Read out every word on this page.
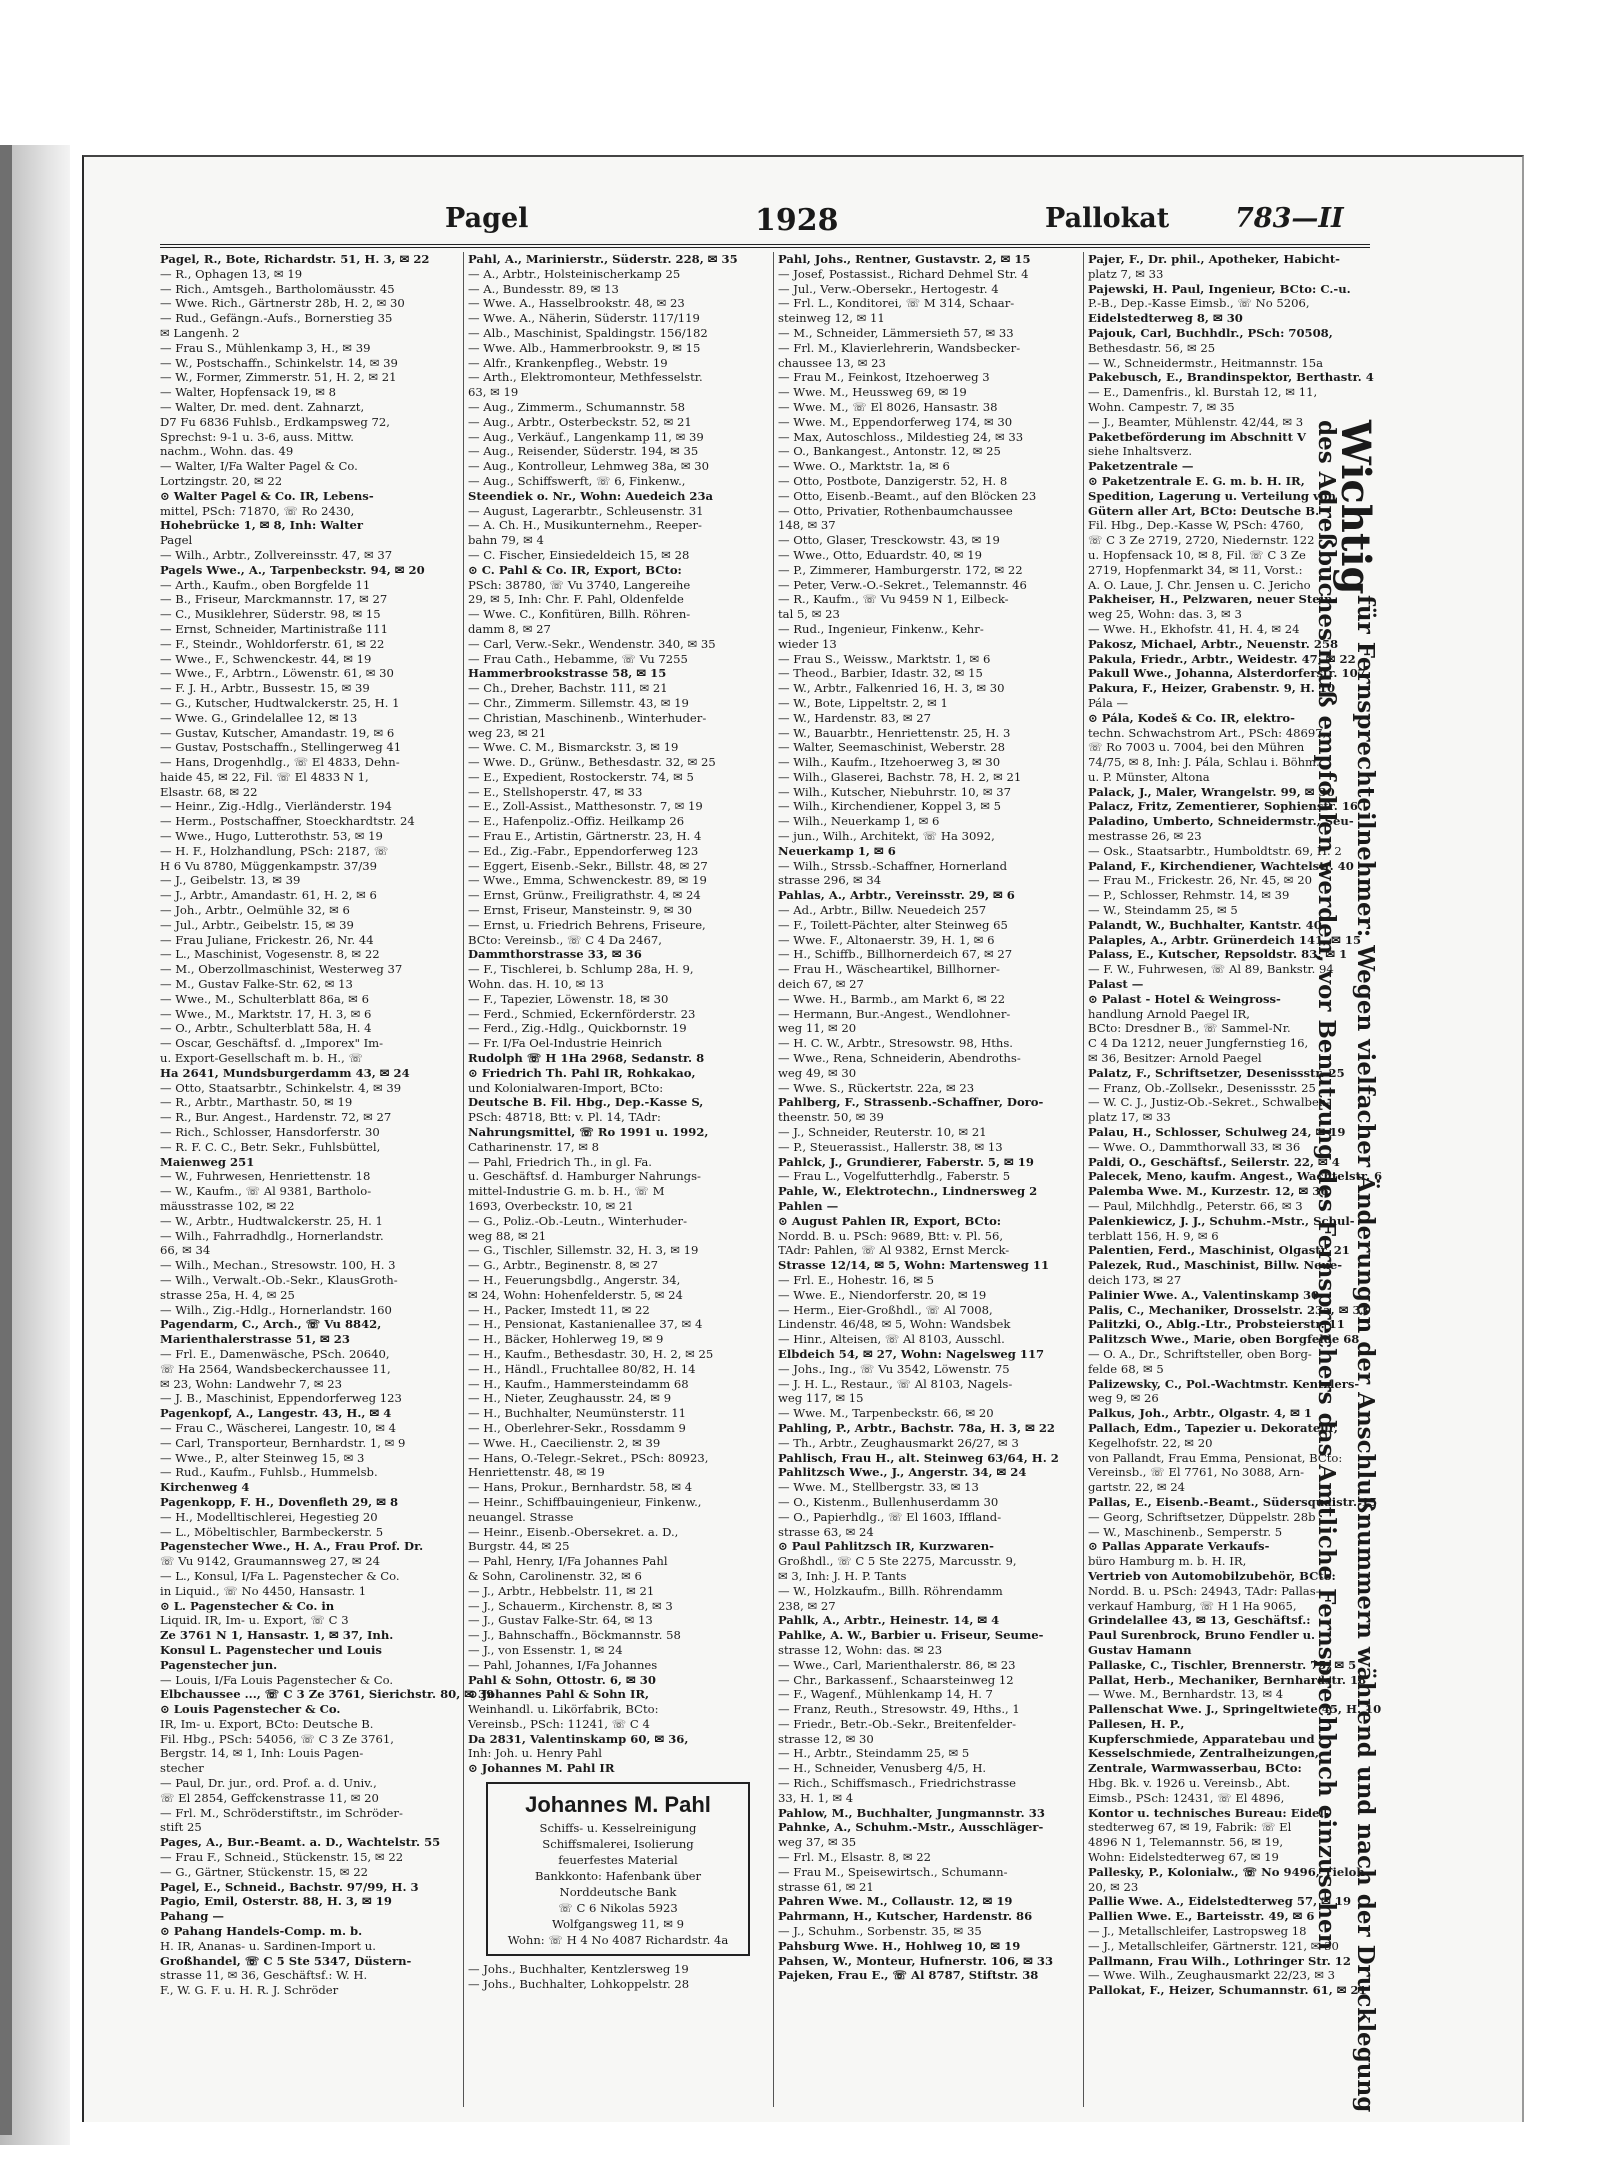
Pagel	1928	Pallokat 783—II
Pagel, R., Bote, Richardstr. 51, H. 3, ✉ 22
— R., Ophagen 13, ✉ 19
— Rich., Amtsgeh., Bartholomäusstr. 45
— Wwe. Rich., Gärtnerstr 28b, H. 2, ✉ 30
— Rud., Gefängn.-Aufs., Bornerstieg 35
✉ Langenh. 2
— Frau S., Mühlenkamp 3, H., ✉ 39
— W., Postschaffn., Schinkelstr. 14, ✉ 39
— W., Former, Zimmerstr. 51, H. 2, ✉ 21
— Walter, Hopfensack 19, ✉ 8
— Walter, Dr. med. dent. Zahnarzt,
D7 Fu 6836 Fuhlsb., Erdkampsweg 72,
Sprechst: 9-1 u. 3-6, auss. Mittw.
nachm., Wohn. das. 49
— Walter, I/Fa Walter Pagel & Co.
Lortzingstr. 20, ✉ 22
⊙ Walter Pagel & Co. IR, Lebens-
mittel, PSch: 71870, ☏ Ro 2430,
Hohebrücke 1, ✉ 8, Inh: Walter
Pagel
— Wilh., Arbtr., Zollvereinsstr. 47, ✉ 37
Pagels Wwe., A., Tarpenbeckstr. 94, ✉ 20
— Arth., Kaufm., oben Borgfelde 11
— B., Friseur, Marckmannstr. 17, ✉ 27
— C., Musiklehrer, Süderstr. 98, ✉ 15
— Ernst, Schneider, Martinistraße 111
— F., Steindr., Wohldorferstr. 61, ✉ 22
— Wwe., F., Schwenckestr. 44, ✉ 19
— Wwe., F., Arbtrn., Löwenstr. 61, ✉ 30
— F. J. H., Arbtr., Bussestr. 15, ✉ 39
— G., Kutscher, Hudtwalckerstr. 25, H. 1
— Wwe. G., Grindelallee 12, ✉ 13
— Gustav, Kutscher, Amandastr. 19, ✉ 6
— Gustav, Postschaffn., Stellingerweg 41
— Hans, Drogenhdlg., ☏ El 4833, Dehn-
haide 45, ✉ 22, Fil. ☏ El 4833 N 1,
Elsastr. 68, ✉ 22
— Heinr., Zig.-Hdlg., Vierländerstr. 194
— Herm., Postschaffner, Stoeckhardtstr. 24
— Wwe., Hugo, Lutterothstr. 53, ✉ 19
— H. F., Holzhandlung, PSch: 2187, ☏
H 6 Vu 8780, Müggenkampstr. 37/39
— J., Geibelstr. 13, ✉ 39
— J., Arbtr., Amandastr. 61, H. 2, ✉ 6
— Joh., Arbtr., Oelmühle 32, ✉ 6
— Jul., Arbtr., Geibelstr. 15, ✉ 39
— Frau Juliane, Frickestr. 26, Nr. 44
— L., Maschinist, Vogesenstr. 8, ✉ 22
— M., Oberzollmaschinist, Westerweg 37
— M., Gustav Falke-Str. 62, ✉ 13
— Wwe., M., Schulterblatt 86a, ✉ 6
— Wwe., M., Marktstr. 17, H. 3, ✉ 6
— O., Arbtr., Schulterblatt 58a, H. 4
— Oscar, Geschäftsf. d. „Imporex" Im-
u. Export-Gesellschaft m. b. H., ☏
Ha 2641, Mundsburgerdamm 43, ✉ 24
— Otto, Staatsarbtr., Schinkelstr. 4, ✉ 39
— R., Arbtr., Marthastr. 50, ✉ 19
— R., Bur. Angest., Hardenstr. 72, ✉ 27
— Rich., Schlosser, Hansdorferstr. 30
— R. F. C. C., Betr. Sekr., Fuhlsbüttel,
Maienweg 251
— W., Fuhrwesen, Henriettenstr. 18
— W., Kaufm., ☏ Al 9381, Bartholo-
mäusstrasse 102, ✉ 22
— W., Arbtr., Hudtwalckerstr. 25, H. 1
— Wilh., Fahrradhdlg., Hornerlandstr.
66, ✉ 34
— Wilh., Mechan., Stresowstr. 100, H. 3
— Wilh., Verwalt.-Ob.-Sekr., KlausGroth-
strasse 25a, H. 4, ✉ 25
— Wilh., Zig.-Hdlg., Hornerlandstr. 160
Pagendarm, C., Arch., ☏ Vu 8842,
Marienthalerstrasse 51, ✉ 23
— Frl. E., Damenwäsche, PSch. 20640,
☏ Ha 2564, Wandsbeckerchaussee 11,
✉ 23, Wohn: Landwehr 7, ✉ 23
— J. B., Maschinist, Eppendorferweg 123
Pagenkopf, A., Langestr. 43, H., ✉ 4
— Frau C., Wäscherei, Langestr. 10, ✉ 4
— Carl, Transporteur, Bernhardstr. 1, ✉ 9
— Wwe., P., alter Steinweg 15, ✉ 3
— Rud., Kaufm., Fuhlsb., Hummelsb.
Kirchenweg 4
Pagenkopp, F. H., Dovenfleth 29, ✉ 8
— H., Modelltischlerei, Hegestieg 20
— L., Möbeltischler, Barmbeckerstr. 5
Pagenstecher Wwe., H. A., Frau Prof. Dr.
☏ Vu 9142, Graumannsweg 27, ✉ 24
— L., Konsul, I/Fa L. Pagenstecher & Co.
in Liquid., ☏ No 4450, Hansastr. 1
⊙ L. Pagenstecher & Co. in
Liquid. IR, Im- u. Export, ☏ C 3
Ze 3761 N 1, Hansastr. 1, ✉ 37, Inh.
Konsul L. Pagenstecher und Louis
Pagenstecher jun.
— Louis, I/Fa Louis Pagenstecher & Co.
Elbchaussee ..., ☏ C 3 Ze 3761, Sierichstr. 80, ✉ 39
⊙ Louis Pagenstecher & Co.
IR, Im- u. Export, BCto: Deutsche B.
Fil. Hbg., PSch: 54056, ☏ C 3 Ze 3761,
Bergstr. 14, ✉ 1, Inh: Louis Pagen-
stecher
— Paul, Dr. jur., ord. Prof. a. d. Univ.,
☏ El 2854, Geffckenstrasse 11, ✉ 20
— Frl. M., Schröderstiftstr., im Schröder-
stift 25
Pages, A., Bur.-Beamt. a. D., Wachtelstr. 55
— Frau F., Schneid., Stückenstr. 15, ✉ 22
— G., Gärtner, Stückenstr. 15, ✉ 22
Pagel, E., Schneid., Bachstr. 97/99, H. 3
Pagio, Emil, Osterstr. 88, H. 3, ✉ 19
Pahang —
⊙ Pahang Handels-Comp. m. b.
H. IR, Ananas- u. Sardinen-Import u.
Großhandel, ☏ C 5 Ste 5347, Düstern-
strasse 11, ✉ 36, Geschäftsf.: W. H.
F., W. G. F. u. H. R. J. Schröder
Pahl, A., Marinierstr., Süderstr. 228, ✉ 35
— A., Arbtr., Holsteinischerkamp 25
— A., Bundesstr. 89, ✉ 13
— Wwe. A., Hasselbrookstr. 48, ✉ 23
— Wwe. A., Näherin, Süderstr. 117/119
— Alb., Maschinist, Spaldingstr. 156/182
— Wwe. Alb., Hammerbrookstr. 9, ✉ 15
— Alfr., Krankenpfleg., Webstr. 19
— Arth., Elektromonteur, Methfesselstr.
63, ✉ 19
— Aug., Zimmerm., Schumannstr. 58
— Aug., Arbtr., Osterbeckstr. 52, ✉ 21
— Aug., Verkäuf., Langenkamp 11, ✉ 39
— Aug., Reisender, Süderstr. 194, ✉ 35
— Aug., Kontrolleur, Lehmweg 38a, ✉ 30
— Aug., Schiffswerft, ☏ 6, Finkenw.,
Steendiek o. Nr., Wohn: Auedeich 23a
— August, Lagerarbtr., Schleusenstr. 31
— A. Ch. H., Musikunternehm., Reeper-
bahn 79, ✉ 4
— C. Fischer, Einsiedeldeich 15, ✉ 28
⊙ C. Pahl & Co. IR, Export, BCto:
PSch: 38780, ☏ Vu 3740, Langereihe
29, ✉ 5, Inh: Chr. F. Pahl, Oldenfelde
— Wwe. C., Konfitüren, Billh. Röhren-
damm 8, ✉ 27
— Carl, Verw.-Sekr., Wendenstr. 340, ✉ 35
— Frau Cath., Hebamme, ☏ Vu 7255
Hammerbrookstrasse 58, ✉ 15
— Ch., Dreher, Bachstr. 111, ✉ 21
— Chr., Zimmerm. Sillemstr. 43, ✉ 19
— Christian, Maschinenb., Winterhuder-
weg 23, ✉ 21
— Wwe. C. M., Bismarckstr. 3, ✉ 19
— Wwe. D., Grünw., Bethesdastr. 32, ✉ 25
— E., Expedient, Rostockerstr. 74, ✉ 5
— E., Stellshoperstr. 47, ✉ 33
— E., Zoll-Assist., Matthesonstr. 7, ✉ 19
— E., Hafenpoliz.-Offiz. Heilkamp 26
— Frau E., Artistin, Gärtnerstr. 23, H. 4
— Ed., Zig.-Fabr., Eppendorferweg 123
— Eggert, Eisenb.-Sekr., Billstr. 48, ✉ 27
— Wwe., Emma, Schwenckestr. 89, ✉ 19
— Ernst, Grünw., Freiligrathstr. 4, ✉ 24
— Ernst, Friseur, Mansteinstr. 9, ✉ 30
— Ernst, u. Friedrich Behrens, Friseure,
BCto: Vereinsb., ☏ C 4 Da 2467,
Dammthorstrasse 33, ✉ 36
— F., Tischlerei, b. Schlump 28a, H. 9,
Wohn. das. H. 10, ✉ 13
— F., Tapezier, Löwenstr. 18, ✉ 30
— Ferd., Schmied, Eckernförderstr. 23
— Ferd., Zig.-Hdlg., Quickbornstr. 19
— Fr. I/Fa Oel-Industrie Heinrich
Rudolph ☏ H 1Ha 2968, Sedanstr. 8
⊙ Friedrich Th. Pahl IR, Rohkakao,
und Kolonialwaren-Import, BCto:
Deutsche B. Fil. Hbg., Dep.-Kasse S,
PSch: 48718, Btt: v. Pl. 14, TAdr:
Nahrungsmittel, ☏ Ro 1991 u. 1992,
Catharinenstr. 17, ✉ 8
— Pahl, Friedrich Th., in gl. Fa.
u. Geschäftsf. d. Hamburger Nahrungs-
mittel-Industrie G. m. b. H., ☏ M
1693, Overbeckstr. 10, ✉ 21
— G., Poliz.-Ob.-Leutn., Winterhuder-
weg 88, ✉ 21
— G., Tischler, Sillemstr. 32, H. 3, ✉ 19
— G., Arbtr., Beginenstr. 8, ✉ 27
— H., Feuerungsbdlg., Angerstr. 34,
✉ 24, Wohn: Hohenfelderstr. 5, ✉ 24
— H., Packer, Imstedt 11, ✉ 22
— H., Pensionat, Kastanienallee 37, ✉ 4
— H., Bäcker, Hohlerweg 19, ✉ 9
— H., Kaufm., Bethesdastr. 30, H. 2, ✉ 25
— H., Händl., Fruchtallee 80/82, H. 14
— H., Kaufm., Hammersteindamm 68
— H., Nieter, Zeughausstr. 24, ✉ 9
— H., Buchhalter, Neumünsterstr. 11
— H., Oberlehrer-Sekr., Rossdamm 9
— Wwe. H., Caecilienstr. 2, ✉ 39
— Hans, O.-Telegr.-Sekret., PSch: 80923,
Henriettenstr. 48, ✉ 19
— Hans, Prokur., Bernhardstr. 58, ✉ 4
— Heinr., Schiffbauingenieur, Finkenw.,
neuangel. Strasse
— Heinr., Eisenb.-Obersekret. a. D.,
Burgstr. 44, ✉ 25
— Pahl, Henry, I/Fa Johannes Pahl
& Sohn, Carolinenstr. 32, ✉ 6
— J., Arbtr., Hebbelstr. 11, ✉ 21
— J., Schauerm., Kirchenstr. 8, ✉ 3
— J., Gustav Falke-Str. 64, ✉ 13
— J., Bahnschaffn., Böckmannstr. 58
— J., von Essenstr. 1, ✉ 24
— Pahl, Johannes, I/Fa Johannes
Pahl & Sohn, Ottostr. 6, ✉ 30
⊙ Johannes Pahl & Sohn IR,
Weinhandl. u. Likörfabrik, BCto:
Vereinsb., PSch: 11241, ☏ C 4
Da 2831, Valentinskamp 60, ✉ 36,
Inh: Joh. u. Henry Pahl
⊙ Johannes M. Pahl IR
Johannes M. Pahl
Schiffs- u. Kesselreinigung
Schiffsmalerei, Isolierung
feuerfestes Material
Bankkonto: Hafenbank über
Norddeutsche Bank
☏ C 6 Nikolas 5923
Wolfgangsweg 11, ✉ 9
Wohn: ☏ H 4 No 4087 Richardstr. 4a
— Johs., Buchhalter, Kentzlersweg 19
— Johs., Buchhalter, Lohkoppelstr. 28
Pahl, Johs., Rentner, Gustavstr. 2, ✉ 15
— Josef, Postassist., Richard Dehmel Str. 4
— Jul., Verw.-Obersekr., Hertogestr. 4
— Frl. L., Konditorei, ☏ M 314, Schaar-
steinweg 12, ✉ 11
— M., Schneider, Lämmersieth 57, ✉ 33
— Frl. M., Klavierlehrerin, Wandsbecker-
chaussee 13, ✉ 23
— Frau M., Feinkost, Itzehoerweg 3
— Wwe. M., Heussweg 69, ✉ 19
— Wwe. M., ☏ El 8026, Hansastr. 38
— Wwe. M., Eppendorferweg 174, ✉ 30
— Max, Autoschloss., Mildestieg 24, ✉ 33
— O., Bankangest., Antonstr. 12, ✉ 25
— Wwe. O., Marktstr. 1a, ✉ 6
— Otto, Postbote, Danzigerstr. 52, H. 8
— Otto, Eisenb.-Beamt., auf den Blöcken 23
— Otto, Privatier, Rothenbaumchaussee
148, ✉ 37
— Otto, Glaser, Tresckowstr. 43, ✉ 19
— Wwe., Otto, Eduardstr. 40, ✉ 19
— P., Zimmerer, Hamburgerstr. 172, ✉ 22
— Peter, Verw.-O.-Sekret., Telemannstr. 46
— R., Kaufm., ☏ Vu 9459 N 1, Eilbeck-
tal 5, ✉ 23
— Rud., Ingenieur, Finkenw., Kehr-
wieder 13
— Frau S., Weissw., Marktstr. 1, ✉ 6
— Theod., Barbier, Idastr. 32, ✉ 15
— W., Arbtr., Falkenried 16, H. 3, ✉ 30
— W., Bote, Lippeltstr. 2, ✉ 1
— W., Hardenstr. 83, ✉ 27
— W., Bauarbtr., Henriettenstr. 25, H. 3
— Walter, Seemaschinist, Weberstr. 28
— Wilh., Kaufm., Itzehoerweg 3, ✉ 30
— Wilh., Glaserei, Bachstr. 78, H. 2, ✉ 21
— Wilh., Kutscher, Niebuhrstr. 10, ✉ 37
— Wilh., Kirchendiener, Koppel 3, ✉ 5
— Wilh., Neuerkamp 1, ✉ 6
— jun., Wilh., Architekt, ☏ Ha 3092,
Neuerkamp 1, ✉ 6
— Wilh., Strssb.-Schaffner, Hornerland
strasse 296, ✉ 34
Pahlas, A., Arbtr., Vereinsstr. 29, ✉ 6
— Ad., Arbtr., Billw. Neuedeich 257
— F., Toilett-Pächter, alter Steinweg 65
— Wwe. F., Altonaerstr. 39, H. 1, ✉ 6
— H., Schiffb., Billhornerdeich 67, ✉ 27
— Frau H., Wäscheartikel, Billhorner-
deich 67, ✉ 27
— Wwe. H., Barmb., am Markt 6, ✉ 22
— Hermann, Bur.-Angest., Wendlohner-
weg 11, ✉ 20
— H. C. W., Arbtr., Stresowstr. 98, Hths.
— Wwe., Rena, Schneiderin, Abendroths-
weg 49, ✉ 30
— Wwe. S., Rückertstr. 22a, ✉ 23
Pahlberg, F., Strassenb.-Schaffner, Doro-
theenstr. 50, ✉ 39
— J., Schneider, Reuterstr. 10, ✉ 21
— P., Steuerassist., Hallerstr. 38, ✉ 13
Pahlck, J., Grundierer, Faberstr. 5, ✉ 19
— Frau L., Vogelfutterhdlg., Faberstr. 5
Pahle, W., Elektrotechn., Lindnersweg 2
Pahlen —
⊙ August Pahlen IR, Export, BCto:
Nordd. B. u. PSch: 9689, Btt: v. Pl. 56,
TAdr: Pahlen, ☏ Al 9382, Ernst Merck-
Strasse 12/14, ✉ 5, Wohn: Martensweg 11
— Frl. E., Hohestr. 16, ✉ 5
— Wwe. E., Niendorferstr. 20, ✉ 19
— Herm., Eier-Großhdl., ☏ Al 7008,
Lindenstr. 46/48, ✉ 5, Wohn: Wandsbek
— Hinr., Alteisen, ☏ Al 8103, Ausschl.
Elbdeich 54, ✉ 27, Wohn: Nagelsweg 117
— Johs., Ing., ☏ Vu 3542, Löwenstr. 75
— J. H. L., Restaur., ☏ Al 8103, Nagels-
weg 117, ✉ 15
— Wwe. M., Tarpenbeckstr. 66, ✉ 20
Pahling, P., Arbtr., Bachstr. 78a, H. 3, ✉ 22
— Th., Arbtr., Zeughausmarkt 26/27, ✉ 3
Pahlisch, Frau H., alt. Steinweg 63/64, H. 2
Pahlitzsch Wwe., J., Angerstr. 34, ✉ 24
— Wwe. M., Stellbergstr. 33, ✉ 13
— O., Kistenm., Bullenhuserdamm 30
— O., Papierhdlg., ☏ El 1603, Iffland-
strasse 63, ✉ 24
⊙ Paul Pahlitzsch IR, Kurzwaren-
Großhdl., ☏ C 5 Ste 2275, Marcusstr. 9,
✉ 3, Inh: J. H. P. Tants
— W., Holzkaufm., Billh. Röhrendamm
238, ✉ 27
Pahlk, A., Arbtr., Heinestr. 14, ✉ 4
Pahlke, A. W., Barbier u. Friseur, Seume-
strasse 12, Wohn: das. ✉ 23
— Wwe., Carl, Marienthalerstr. 86, ✉ 23
— Chr., Barkassenf., Schaarsteinweg 12
— F., Wagenf., Mühlenkamp 14, H. 7
— Franz, Reuth., Stresowstr. 49, Hths., 1
— Friedr., Betr.-Ob.-Sekr., Breitenfelder-
strasse 12, ✉ 30
— H., Arbtr., Steindamm 25, ✉ 5
— H., Schneider, Venusberg 4/5, H.
— Rich., Schiffsmasch., Friedrichstrasse
33, H. 1, ✉ 4
Pahlow, M., Buchhalter, Jungmannstr. 33
Pahnke, A., Schuhm.-Mstr., Ausschläger-
weg 37, ✉ 35
— Frl. M., Elsastr. 8, ✉ 22
— Frau M., Speisewirtsch., Schumann-
strasse 61, ✉ 21
Pahren Wwe. M., Collaustr. 12, ✉ 19
Pahrmann, H., Kutscher, Hardenstr. 86
— J., Schuhm., Sorbenstr. 35, ✉ 35
Pahsburg Wwe. H., Hohlweg 10, ✉ 19
Pahsen, W., Monteur, Hufnerstr. 106, ✉ 33
Pajeken, Frau E., ☏ Al 8787, Stiftstr. 38
Pajer, F., Dr. phil., Apotheker, Habicht-
platz 7, ✉ 33
Pajewski, H. Paul, Ingenieur, BCto: C.-u.
P.-B., Dep.-Kasse Eimsb., ☏ No 5206,
Eidelstedterweg 8, ✉ 30
Pajouk, Carl, Buchhdlr., PSch: 70508,
Bethesdastr. 56, ✉ 25
— W., Schneidermstr., Heitmannstr. 15a
Pakebusch, E., Brandinspektor, Berthastr. 4
— E., Damenfris., kl. Burstah 12, ✉ 11,
Wohn. Campestr. 7, ✉ 35
— J., Beamter, Mühlenstr. 42/44, ✉ 3
Paketbeförderung im Abschnitt V
siehe Inhaltsverz.
Paketzentrale —
⊙ Paketzentrale E. G. m. b. H. IR,
Spedition, Lagerung u. Verteilung von
Gütern aller Art, BCto: Deutsche B.
Fil. Hbg., Dep.-Kasse W, PSch: 4760,
☏ C 3 Ze 2719, 2720, Niedernstr. 122
u. Hopfensack 10, ✉ 8, Fil. ☏ C 3 Ze
2719, Hopfenmarkt 34, ✉ 11, Vorst.:
A. O. Laue, J. Chr. Jensen u. C. Jericho
Pakheiser, H., Pelzwaren, neuer Stein-
weg 25, Wohn: das. 3, ✉ 3
— Wwe. H., Ekhofstr. 41, H. 4, ✉ 24
Pakosz, Michael, Arbtr., Neuenstr. 258
Pakula, Friedr., Arbtr., Weidestr. 47, ✉ 22
Pakull Wwe., Johanna, Alsterdorferstr. 107
Pakura, F., Heizer, Grabenstr. 9, H. 10
Pála —
⊙ Pála, Kodeš & Co. IR, elektro-
techn. Schwachstrom Art., PSch: 48697,
☏ Ro 7003 u. 7004, bei den Mühren
74/75, ✉ 8, Inh: J. Pála, Schlau i. Böhm.
u. P. Münster, Altona
Palack, J., Maler, Wrangelstr. 99, ✉ 30
Palacz, Fritz, Zementierer, Sophienstr. 16
Paladino, Umberto, Schneidermstr., Seu-
mestrasse 26, ✉ 23
— Osk., Staatsarbtr., Humboldtstr. 69, H. 2
Paland, F., Kirchendiener, Wachtelstr. 40
— Frau M., Frickestr. 26, Nr. 45, ✉ 20
— P., Schlosser, Rehmstr. 14, ✉ 39
— W., Steindamm 25, ✉ 5
Palandt, W., Buchhalter, Kantstr. 40
Palaples, A., Arbtr. Grünerdeich 141, ✉ 15
Palass, E., Kutscher, Repsoldstr. 83, ✉ 1
— F. W., Fuhrwesen, ☏ Al 89, Bankstr. 94
Palast —
⊙ Palast - Hotel & Weingross-
handlung Arnold Paegel IR,
BCto: Dresdner B., ☏ Sammel-Nr.
C 4 Da 1212, neuer Jungfernstieg 16,
✉ 36, Besitzer: Arnold Paegel
Palatz, F., Schriftsetzer, Desenissstr. 25
— Franz, Ob.-Zollsekr., Desenissstr. 25
— W. C. J., Justiz-Ob.-Sekret., Schwalben-
platz 17, ✉ 33
Palau, H., Schlosser, Schulweg 24, ✉ 19
— Wwe. O., Dammthorwall 33, ✉ 36
Paldi, O., Geschäftsf., Seilerstr. 22, ✉ 4
Palecek, Meno, kaufm. Angest., Wachtelstr. 6
Palemba Wwe. M., Kurzestr. 12, ✉ 36
— Paul, Milchhdlg., Peterstr. 66, ✉ 3
Palenkiewicz, J. J., Schuhm.-Mstr., Schul-
terblatt 156, H. 9, ✉ 6
Palentien, Ferd., Maschinist, Olgastr. 21
Palezek, Rud., Maschinist, Billw. Neue-
deich 173, ✉ 27
Palinier Wwe. A., Valentinskamp 30
Palis, C., Mechaniker, Drosselstr. 23a, ✉ 33
Palitzki, O., Ablg.-Ltr., Probsteierstr. 11
Palitzsch Wwe., Marie, oben Borgfelde 68
— O. A., Dr., Schriftsteller, oben Borg-
felde 68, ✉ 5
Palizewsky, C., Pol.-Wachtmstr. Kentzlers-
weg 9, ✉ 26
Palkus, Joh., Arbtr., Olgastr. 4, ✉ 1
Pallach, Edm., Tapezier u. Dekorateur,
Kegelhofstr. 22, ✉ 20
von Pallandt, Frau Emma, Pensionat, BCto:
Vereinsb., ☏ El 7761, No 3088, Arn-
gartstr. 22, ✉ 24
Pallas, E., Eisenb.-Beamt., Südersquaistr. 15
— Georg, Schriftsetzer, Düppelstr. 28b
— W., Maschinenb., Semperstr. 5
⊙ Pallas Apparate Verkaufs-
büro Hamburg m. b. H. IR,
Vertrieb von Automobilzubehör, BCto:
Nordd. B. u. PSch: 24943, TAdr: Pallas-
verkauf Hamburg, ☏ H 1 Ha 9065,
Grindelallee 43, ✉ 13, Geschäftsf.:
Paul Surenbrock, Bruno Fendler u.
Gustav Hamann
Pallaske, C., Tischler, Brennerstr. 75, ✉ 5
Pallat, Herb., Mechaniker, Bernhardstr. 18
— Wwe. M., Bernhardstr. 13, ✉ 4
Pallenschat Wwe. J., Springeltwiete 45, H. 10
Pallesen, H. P.,
Kupferschmiede, Apparatebau und
Kesselschmiede, Zentralheizungen,
Zentrale, Warmwasserbau, BCto:
Hbg. Bk. v. 1926 u. Vereinsb., Abt.
Eimsb., PSch: 12431, ☏ El 4896,
Kontor u. technisches Bureau: Eidel-
stedterweg 67, ✉ 19, Fabrik: ☏ El
4896 N 1, Telemannstr. 56, ✉ 19,
Wohn: Eidelstedterweg 67, ✉ 19
Pallesky, P., Kolonialw., ☏ No 9496, Tieloh
20, ✉ 23
Pallie Wwe. A., Eidelstedterweg 57, ✉ 19
Pallien Wwe. E., Barteisstr. 49, ✉ 6
— J., Metallschleifer, Lastropsweg 18
— J., Metallschleifer, Gärtnerstr. 121, ✉ 30
Pallmann, Frau Wilh., Lothringer Str. 12
— Wwe. Wilh., Zeughausmarkt 22/23, ✉ 3
Pallokat, F., Heizer, Schumannstr. 61, ✉ 21
Wichtig
für Fernsprechteilnehmer: Wegen vielfacher Änderungen der Anschlußnummern während und nach der Drucklegung
des Adreßbuches muß empfohlen werden, vor Benutzung des Fernsprechers das Amtliche Fernsprechbuch einzusehen
